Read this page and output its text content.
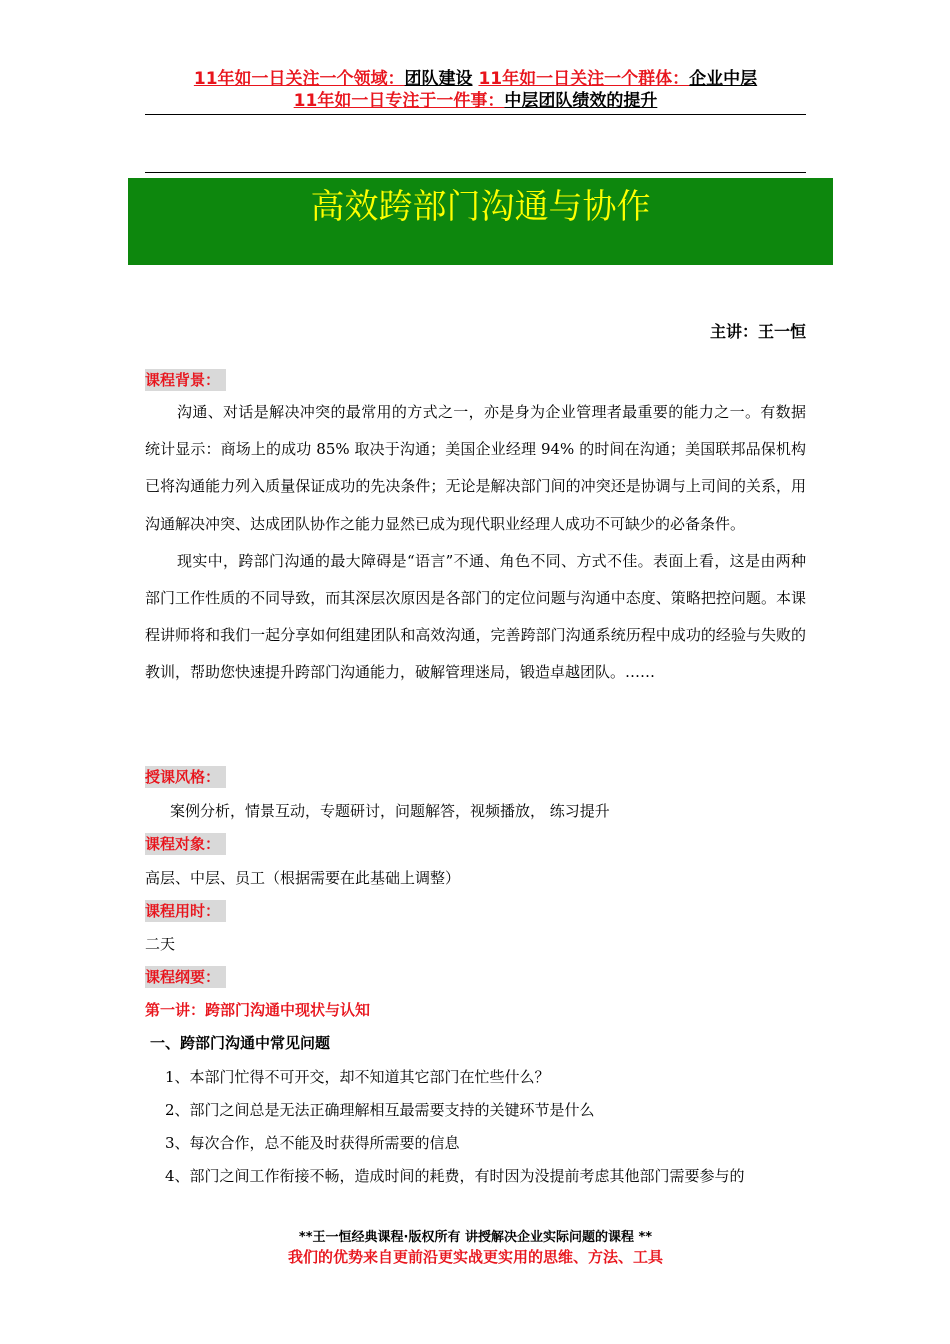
11年如一日关注一个领域：团队建设 11年如一日关注一个群体：企业中层
11年如一日专注于一件事：中层团队绩效的提升
高效跨部门沟通与协作
主讲：王一恒
课程背景：

沟通、对话是解决冲突的最常用的方式之一，亦是身为企业管理者最重要的能力之一。有数据统计显示：商场上的成功 85% 取决于沟通；美国企业经理 94% 的时间在沟通；美国联邦品保机构已将沟通能力列入质量保证成功的先决条件；无论是解决部门间的冲突还是协调与上司间的关系，用沟通解决冲突、达成团队协作之能力显然已成为现代职业经理人成功不可缺少的必备条件。

现实中，跨部门沟通的最大障碍是“语言”不通、角色不同、方式不佳。表面上看，这是由两种部门工作性质的不同导致，而其深层次原因是各部门的定位问题与沟通中态度、策略把控问题。本课程讲师将和我们一起分享如何组建团队和高效沟通，完善跨部门沟通系统历程中成功的经验与失败的教训，帮助您快速提升跨部门沟通能力，破解管理迷局，锻造卓越团队。……

授课风格：
案例分析，情景互动，专题研讨，问题解答，视频播放， 练习提升
课程对象：
高层、中层、员工（根据需要在此基础上调整）
课程用时：
二天
课程纲要：
第一讲：跨部门沟通中现状与认知
一、跨部门沟通中常见问题
1、本部门忙得不可开交，却不知道其它部门在忙些什么？
2、部门之间总是无法正确理解相互最需要支持的关键环节是什么
3、每次合作，总不能及时获得所需要的信息
4、部门之间工作衔接不畅，造成时间的耗费，有时因为没提前考虑其他部门需要参与的
**王一恒经典课程·版权所有 讲授解决企业实际问题的课程 **
我们的优势来自更前沿更实战更实用的思维、方法、工具
